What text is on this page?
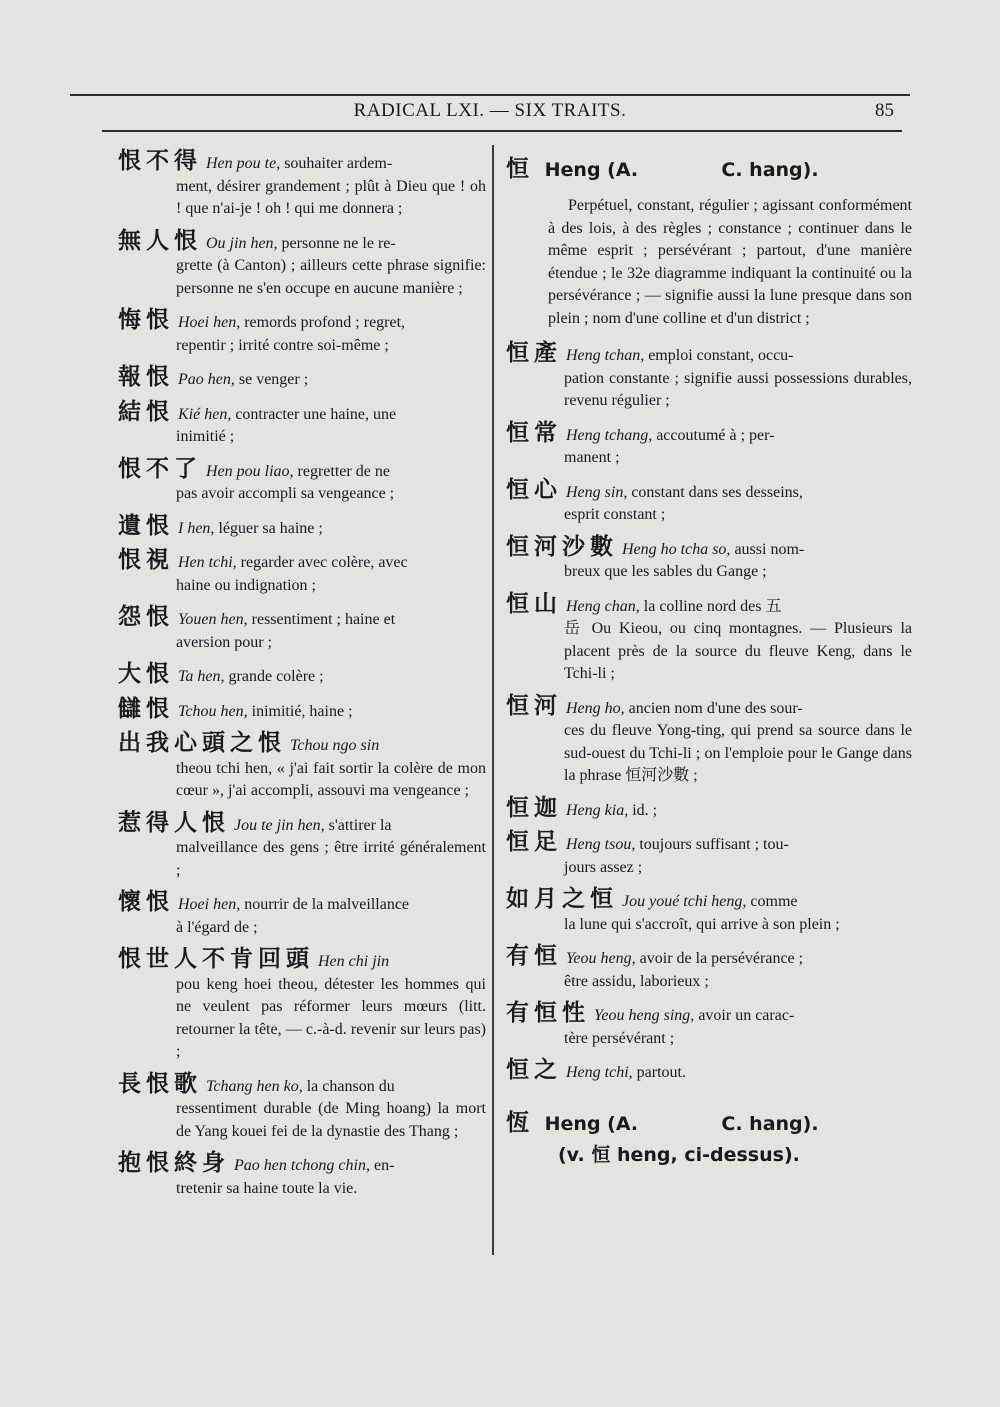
RADICAL LXI. — SIX TRAITS.	85
恨不得 Hen pou te, souhaiter ardem-
ment, désirer grandement ; plût à Dieu que ! oh ! que n'ai-je ! oh ! qui me donnera ;
無人恨 Ou jin hen, personne ne le re-
grette (à Canton) ; ailleurs cette phrase signifie: personne ne s'en occupe en aucune manière ;
悔恨 Hoei hen, remords profond ; regret,
repentir ; irrité contre soi-même ;
報恨 Pao hen, se venger ;
結恨 Kié hen, contracter une haine, une
inimitié ;
恨不了 Hen pou liao, regretter de ne
pas avoir accompli sa vengeance ;
遺恨 I hen, léguer sa haine ;
恨視 Hen tchi, regarder avec colère, avec
haine ou indignation ;
怨恨 Youen hen, ressentiment ; haine et
aversion pour ;
大恨 Ta hen, grande colère ;
讎恨 Tchou hen, inimitié, haine ;
出我心頭之恨 Tchou ngo sin
theou tchi hen, « j'ai fait sortir la colère de mon cœur », j'ai accompli, assouvi ma vengeance ;
惹得人恨 Jou te jin hen, s'attirer la
malveillance des gens ; être irrité généralement ;
懷恨 Hoei hen, nourrir de la malveillance
à l'égard de ;
恨世人不肯回頭 Hen chi jin
pou keng hoei theou, détester les hommes qui ne veulent pas réformer leurs mœurs (litt. retourner la tête, — c.-à-d. revenir sur leurs pas) ;
長恨歌 Tchang hen ko, la chanson du
ressentiment durable (de Ming hoang) la mort de Yang kouei fei de la dynastie des Thang ;
抱恨終身 Pao hen tchong chin, en-
tretenir sa haine toute la vie.
恒 Heng (A.	C. hang).
Perpétuel, constant, régulier ; agissant conformément à des lois, à des règles ; constance ; continuer dans le même esprit ; persévérant ; partout, d'une manière étendue ; le 32e diagramme indiquant la continuité ou la persévérance ; — signifie aussi la lune presque dans son plein ; nom d'une colline et d'un district ;
恒產 Heng tchan, emploi constant, occu-
pation constante ; signifie aussi possessions durables, revenu régulier ;
恒常 Heng tchang, accoutumé à ; per-
manent ;
恒心 Heng sin, constant dans ses desseins,
esprit constant ;
恒河沙數 Heng ho tcha so, aussi nom-
breux que les sables du Gange ;
恒山 Heng chan, la colline nord des 五
岳 Ou Kieou, ou cinq montagnes. — Plusieurs la placent près de la source du fleuve Keng, dans le Tchi-li ;
恒河 Heng ho, ancien nom d'une des sour-
ces du fleuve Yong-ting, qui prend sa source dans le sud-ouest du Tchi-li ; on l'emploie pour le Gange dans la phrase 恒河沙數 ;
恒迦 Heng kia, id. ;
恒足 Heng tsou, toujours suffisant ; tou-
jours assez ;
如月之恒 Jou youé tchi heng, comme
la lune qui s'accroît, qui arrive à son plein ;
有恒 Yeou heng, avoir de la persévérance ;
être assidu, laborieux ;
有恒性 Yeou heng sing, avoir un carac-
tère persévérant ;
恒之 Heng tchi, partout.
恆 Heng (A.	C. hang).
(v. 恒 heng, ci-dessus).
